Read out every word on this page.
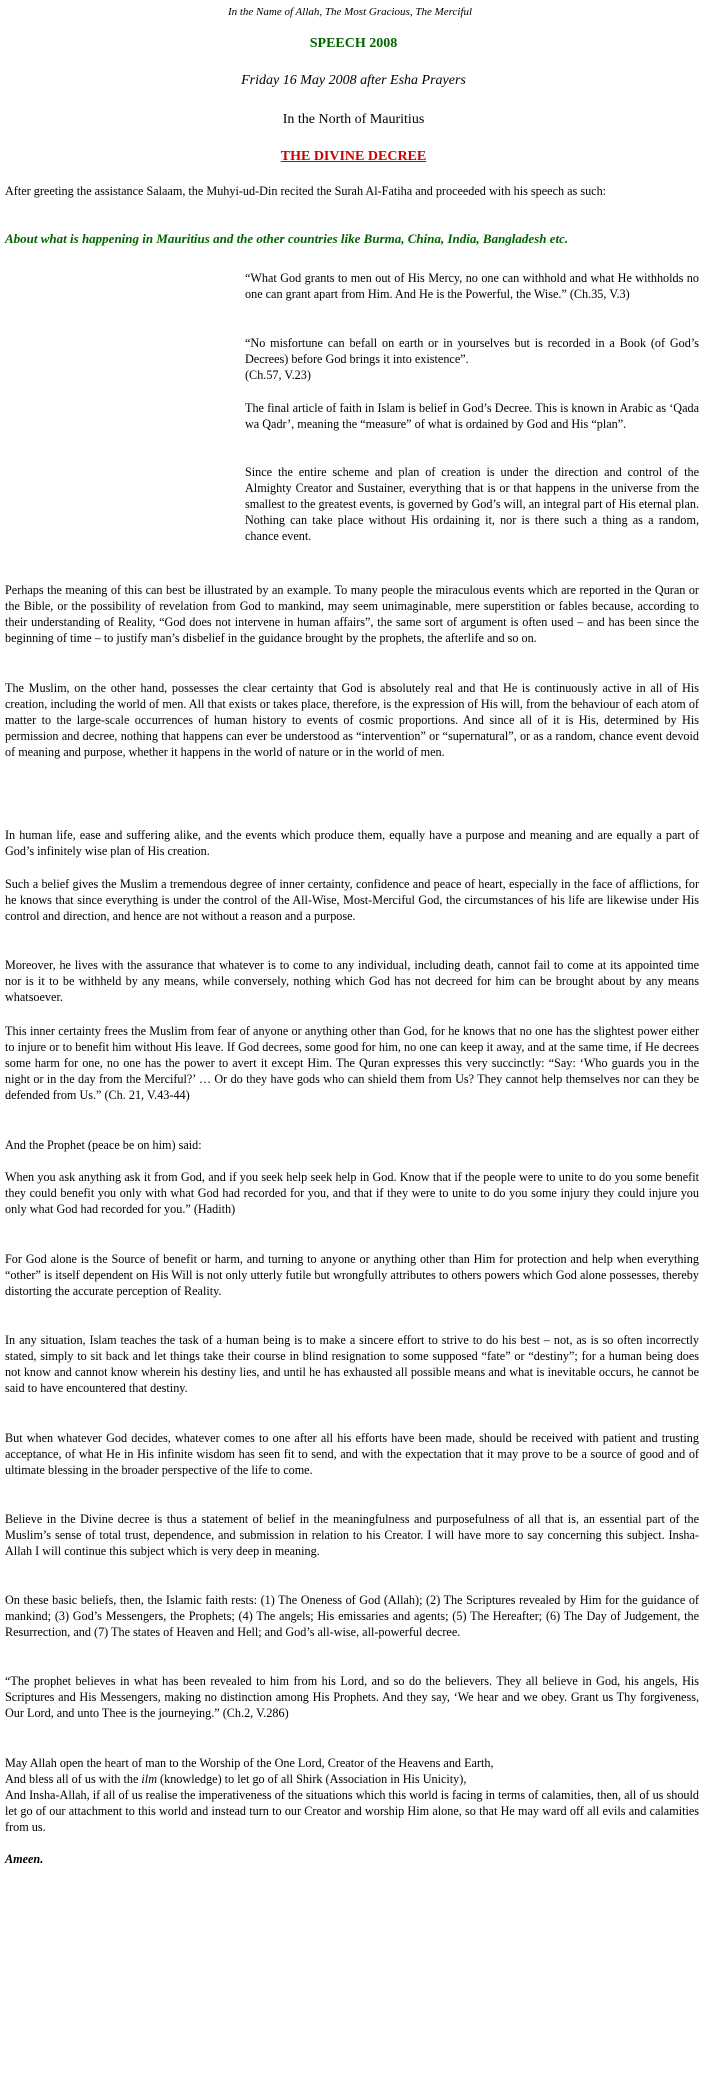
In the Name of Allah, The Most Gracious, The Merciful

SPEECH 2008

Friday 16 May 2008 after Esha Prayers

In the North of Mauritius

THE DIVINE DECREE

After greeting the assistance Salaam, the Muhyi-ud-Din recited the Surah Al-Fatiha and proceeded with his speech as such:

About what is happening in Mauritius and the other countries like Burma, China, India, Bangladesh etc.

“What God grants to men out of His Mercy, no one can withhold and what He withholds no one can grant apart from Him. And He is the Powerful, the Wise.” (Ch.35, V.3)

“No misfortune can befall on earth or in yourselves but is recorded in a Book (of God’s Decrees) before God brings it into existence”.
(Ch.57, V.23)

The final article of faith in Islam is belief in God’s Decree. This is known in Arabic as ‘Qada wa Qadr’, meaning the “measure” of what is ordained by God and His “plan”.

Since the entire scheme and plan of creation is under the direction and control of the Almighty Creator and Sustainer, everything that is or that happens in the universe from the smallest to the greatest events, is governed by God’s will, an integral part of His eternal plan. Nothing can take place without His ordaining it, nor is there such a thing as a random, chance event.

Perhaps the meaning of this can best be illustrated by an example. To many people the miraculous events which are reported in the Quran or the Bible, or the possibility of revelation from God to mankind, may seem unimaginable, mere superstition or fables because, according to their understanding of Reality, “God does not intervene in human affairs”, the same sort of argument is often used – and has been since the beginning of time – to justify man’s disbelief in the guidance brought by the prophets, the afterlife and so on.

The Muslim, on the other hand, possesses the clear certainty that God is absolutely real and that He is continuously active in all of His creation, including the world of men. All that exists or takes place, therefore, is the expression of His will, from the behaviour of each atom of matter to the large-scale occurrences of human history to events of cosmic proportions. And since all of it is His, determined by His permission and decree, nothing that happens can ever be understood as “intervention” or “supernatural”, or as a random, chance event devoid of meaning and purpose, whether it happens in the world of nature or in the world of men.

In human life, ease and suffering alike, and the events which produce them, equally have a purpose and meaning and are equally a part of God’s infinitely wise plan of His creation.

Such a belief gives the Muslim a tremendous degree of inner certainty, confidence and peace of heart, especially in the face of afflictions, for he knows that since everything is under the control of the All-Wise, Most-Merciful God, the circumstances of his life are likewise under His control and direction, and hence are not without a reason and a purpose.

Moreover, he lives with the assurance that whatever is to come to any individual, including death, cannot fail to come at its appointed time nor is it to be withheld by any means, while conversely, nothing which God has not decreed for him can be brought about by any means whatsoever.

This inner certainty frees the Muslim from fear of anyone or anything other than God, for he knows that no one has the slightest power either to injure or to benefit him without His leave. If God decrees, some good for him, no one can keep it away, and at the same time, if He decrees some harm for one, no one has the power to avert it except Him. The Quran expresses this very succinctly: “Say: ‘Who guards you in the night or in the day from the Merciful?’ … Or do they have gods who can shield them from Us? They cannot help themselves nor can they be defended from Us.” (Ch. 21, V.43-44)

And the Prophet (peace be on him) said:

When you ask anything ask it from God, and if you seek help seek help in God. Know that if the people were to unite to do you some benefit they could benefit you only with what God had recorded for you, and that if they were to unite to do you some injury they could injure you only what God had recorded for you.” (Hadith)

For God alone is the Source of benefit or harm, and turning to anyone or anything other than Him for protection and help when everything “other” is itself dependent on His Will is not only utterly futile but wrongfully attributes to others powers which God alone possesses, thereby distorting the accurate perception of Reality.

In any situation, Islam teaches the task of a human being is to make a sincere effort to strive to do his best – not, as is so often incorrectly stated, simply to sit back and let things take their course in blind resignation to some supposed “fate” or “destiny”; for a human being does not know and cannot know wherein his destiny lies, and until he has exhausted all possible means and what is inevitable occurs, he cannot be said to have encountered that destiny.

But when whatever God decides, whatever comes to one after all his efforts have been made, should be received with patient and trusting acceptance, of what He in His infinite wisdom has seen fit to send, and with the expectation that it may prove to be a source of good and of ultimate blessing in the broader perspective of the life to come.

Believe in the Divine decree is thus a statement of belief in the meaningfulness and purposefulness of all that is, an essential part of the Muslim’s sense of total trust, dependence, and submission in relation to his Creator. I will have more to say concerning this subject. Insha-Allah I will continue this subject which is very deep in meaning.

On these basic beliefs, then, the Islamic faith rests: (1) The Oneness of God (Allah); (2) The Scriptures revealed by Him for the guidance of mankind; (3) God’s Messengers, the Prophets; (4) The angels; His emissaries and agents; (5) The Hereafter; (6) The Day of Judgement, the Resurrection, and (7) The states of Heaven and Hell; and God’s all-wise, all-powerful decree.

“The prophet believes in what has been revealed to him from his Lord, and so do the believers. They all believe in God, his angels, His Scriptures and His Messengers, making no distinction among His Prophets. And they say, ‘We hear and we obey. Grant us Thy forgiveness, Our Lord, and unto Thee is the journeying.” (Ch.2, V.286)

May Allah open the heart of man to the Worship of the One Lord, Creator of the Heavens and Earth,
And bless all of us with the ilm (knowledge) to let go of all Shirk (Association in His Unicity),
And Insha-Allah, if all of us realise the imperativeness of the situations which this world is facing in terms of calamities, then, all of us should let go of our attachment to this world and instead turn to our Creator and worship Him alone, so that He may ward off all evils and calamities from us.

Ameen.
